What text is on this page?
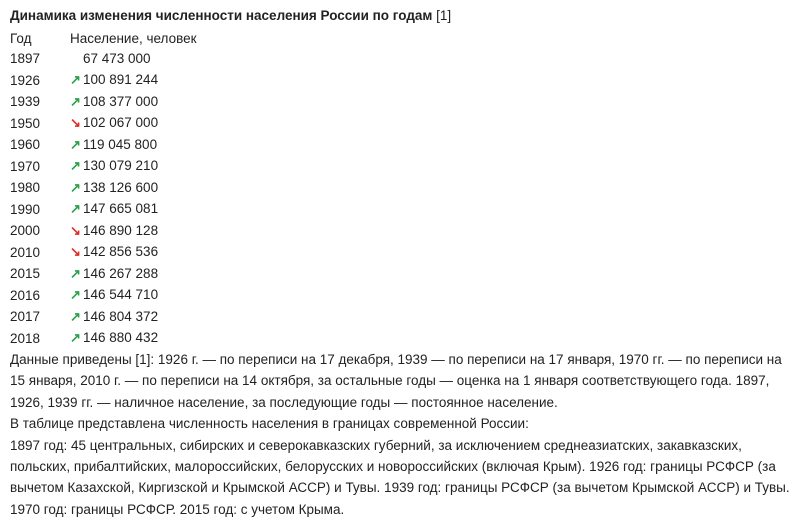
Динамика изменения численности населения России по годам [1]
Год	Население, человек
1897	67 473 000
1926	↗ 100 891 244
1939	↗ 108 377 000
1950	↘ 102 067 000
1960	↗ 119 045 800
1970	↗ 130 079 210
1980	↗ 138 126 600
1990	↗ 147 665 081
2000	↘ 146 890 128
2010	↘ 142 856 536
2015	↗ 146 267 288
2016	↗ 146 544 710
2017	↗ 146 804 372
2018	↗ 146 880 432

Данные приведены [1]: 1926 г. — по переписи на 17 декабря, 1939 — по переписи на 17 января, 1970 гг. — по переписи на 15 января, 2010 г. — по переписи на 14 октября, за остальные годы — оценка на 1 января соответствующего года. 1897, 1926, 1939 гг. — наличное население, за последующие годы — постоянное население.

В таблице представлена численность населения в границах современной России:

1897 год: 45 центральных, сибирских и северокавказских губерний, за исключением среднеазиатских, закавказских, польских, прибалтийских, малороссийских, белорусских и новороссийских (включая Крым). 1926 год: границы РСФСР (за вычетом Казахской, Киргизской и Крымской АССР) и Тувы. 1939 год: границы РСФСР (за вычетом Крымской АССР) и Тувы. 1970 год: границы РСФСР. 2015 год: с учетом Крыма.
